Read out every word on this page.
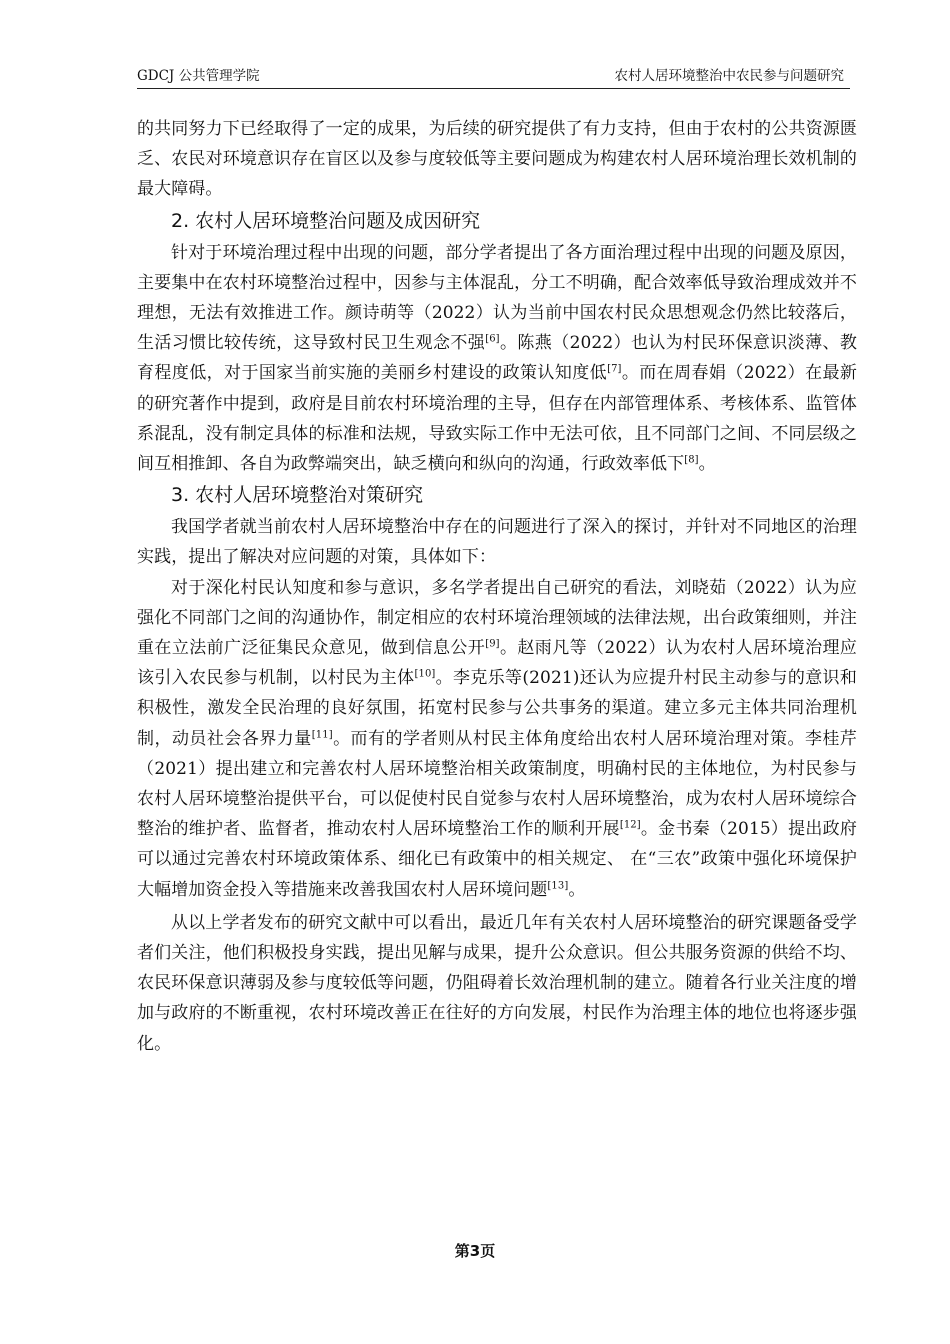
GDCJ 公共管理学院	农村人居环境整治中农民参与问题研究

的共同努力下已经取得了一定的成果，为后续的研究提供了有力支持，但由于农村的公共资源匮乏、农民对环境意识存在盲区以及参与度较低等主要问题成为构建农村人居环境治理长效机制的最大障碍。

2. 农村人居环境整治问题及成因研究

针对于环境治理过程中出现的问题，部分学者提出了各方面治理过程中出现的问题及原因，主要集中在农村环境整治过程中，因参与主体混乱，分工不明确，配合效率低导致治理成效并不理想，无法有效推进工作。颜诗萌等（2022）认为当前中国农村民众思想观念仍然比较落后，生活习惯比较传统，这导致村民卫生观念不强[6]。陈燕（2022）也认为村民环保意识淡薄、教育程度低，对于国家当前实施的美丽乡村建设的政策认知度低[7]。而在周春娟（2022）在最新的研究著作中提到，政府是目前农村环境治理的主导，但存在内部管理体系、考核体系、监管体系混乱，没有制定具体的标准和法规，导致实际工作中无法可依，且不同部门之间、不同层级之间互相推卸、各自为政弊端突出，缺乏横向和纵向的沟通，行政效率低下[8]。

3. 农村人居环境整治对策研究

我国学者就当前农村人居环境整治中存在的问题进行了深入的探讨，并针对不同地区的治理实践，提出了解决对应问题的对策，具体如下：

对于深化村民认知度和参与意识，多名学者提出自己研究的看法，刘晓茹（2022）认为应强化不同部门之间的沟通协作，制定相应的农村环境治理领域的法律法规，出台政策细则，并注重在立法前广泛征集民众意见，做到信息公开[9]。赵雨凡等（2022）认为农村人居环境治理应该引入农民参与机制，以村民为主体[10]。李克乐等(2021)还认为应提升村民主动参与的意识和积极性，激发全民治理的良好氛围，拓宽村民参与公共事务的渠道。建立多元主体共同治理机制，动员社会各界力量[11]。而有的学者则从村民主体角度给出农村人居环境治理对策。李桂芹（2021）提出建立和完善农村人居环境整治相关政策制度，明确村民的主体地位，为村民参与农村人居环境整治提供平台，可以促使村民自觉参与农村人居环境整治，成为农村人居环境综合整治的维护者、监督者，推动农村人居环境整治工作的顺利开展[12]。金书秦（2015）提出政府可以通过完善农村环境政策体系、细化已有政策中的相关规定、 在“三农”政策中强化环境保护大幅增加资金投入等措施来改善我国农村人居环境问题[13]。

从以上学者发布的研究文献中可以看出，最近几年有关农村人居环境整治的研究课题备受学者们关注，他们积极投身实践，提出见解与成果，提升公众意识。但公共服务资源的供给不均、农民环保意识薄弱及参与度较低等问题，仍阻碍着长效治理机制的建立。随着各行业关注度的增加与政府的不断重视，农村环境改善正在往好的方向发展，村民作为治理主体的地位也将逐步强化。

第3页
